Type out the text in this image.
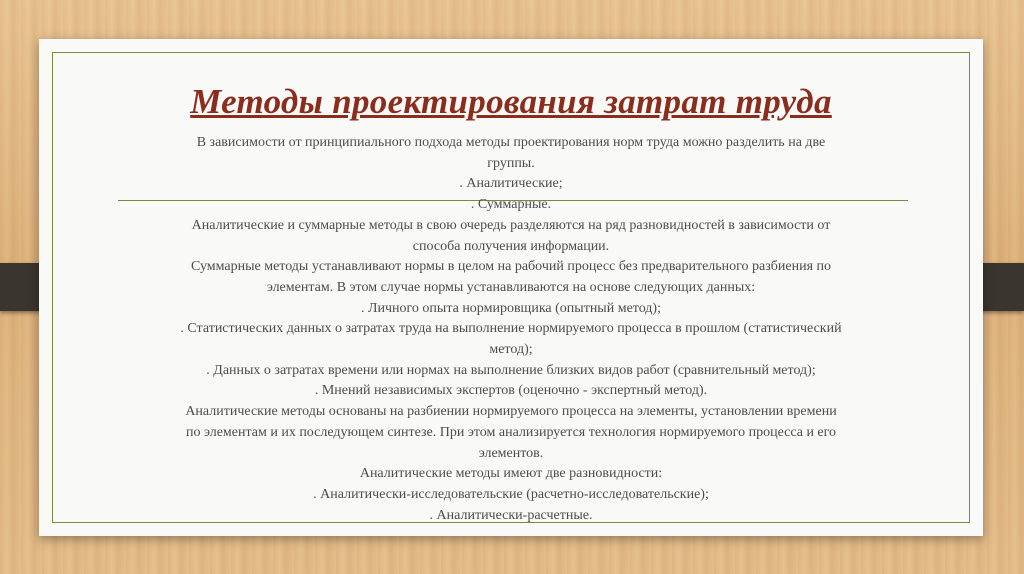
Методы проектирования затрат труда

В зависимости от принципиального подхода методы проектирования норм труда можно разделить на две

группы.

. Аналитические;

. Суммарные.

Аналитические и суммарные методы в свою очередь разделяются на ряд разновидностей в зависимости от

способа получения информации.

Суммарные методы устанавливают нормы в целом на рабочий процесс без предварительного разбиения по

элементам. В этом случае нормы устанавливаются на основе следующих данных:

. Личного опыта нормировщика (опытный метод);

. Статистических данных о затратах труда на выполнение нормируемого процесса в прошлом (статистический

метод);

. Данных о затратах времени или нормах на выполнение близких видов работ (сравнительный метод);

. Мнений независимых экспертов (оценочно - экспертный метод).

Аналитические методы основаны на разбиении нормируемого процесса на элементы, установлении времени

по элементам и их последующем синтезе. При этом анализируется технология нормируемого процесса и его

элементов.

Аналитические методы имеют две разновидности:

. Аналитически-исследовательские (расчетно-исследовательские);

. Аналитически-расчетные.
